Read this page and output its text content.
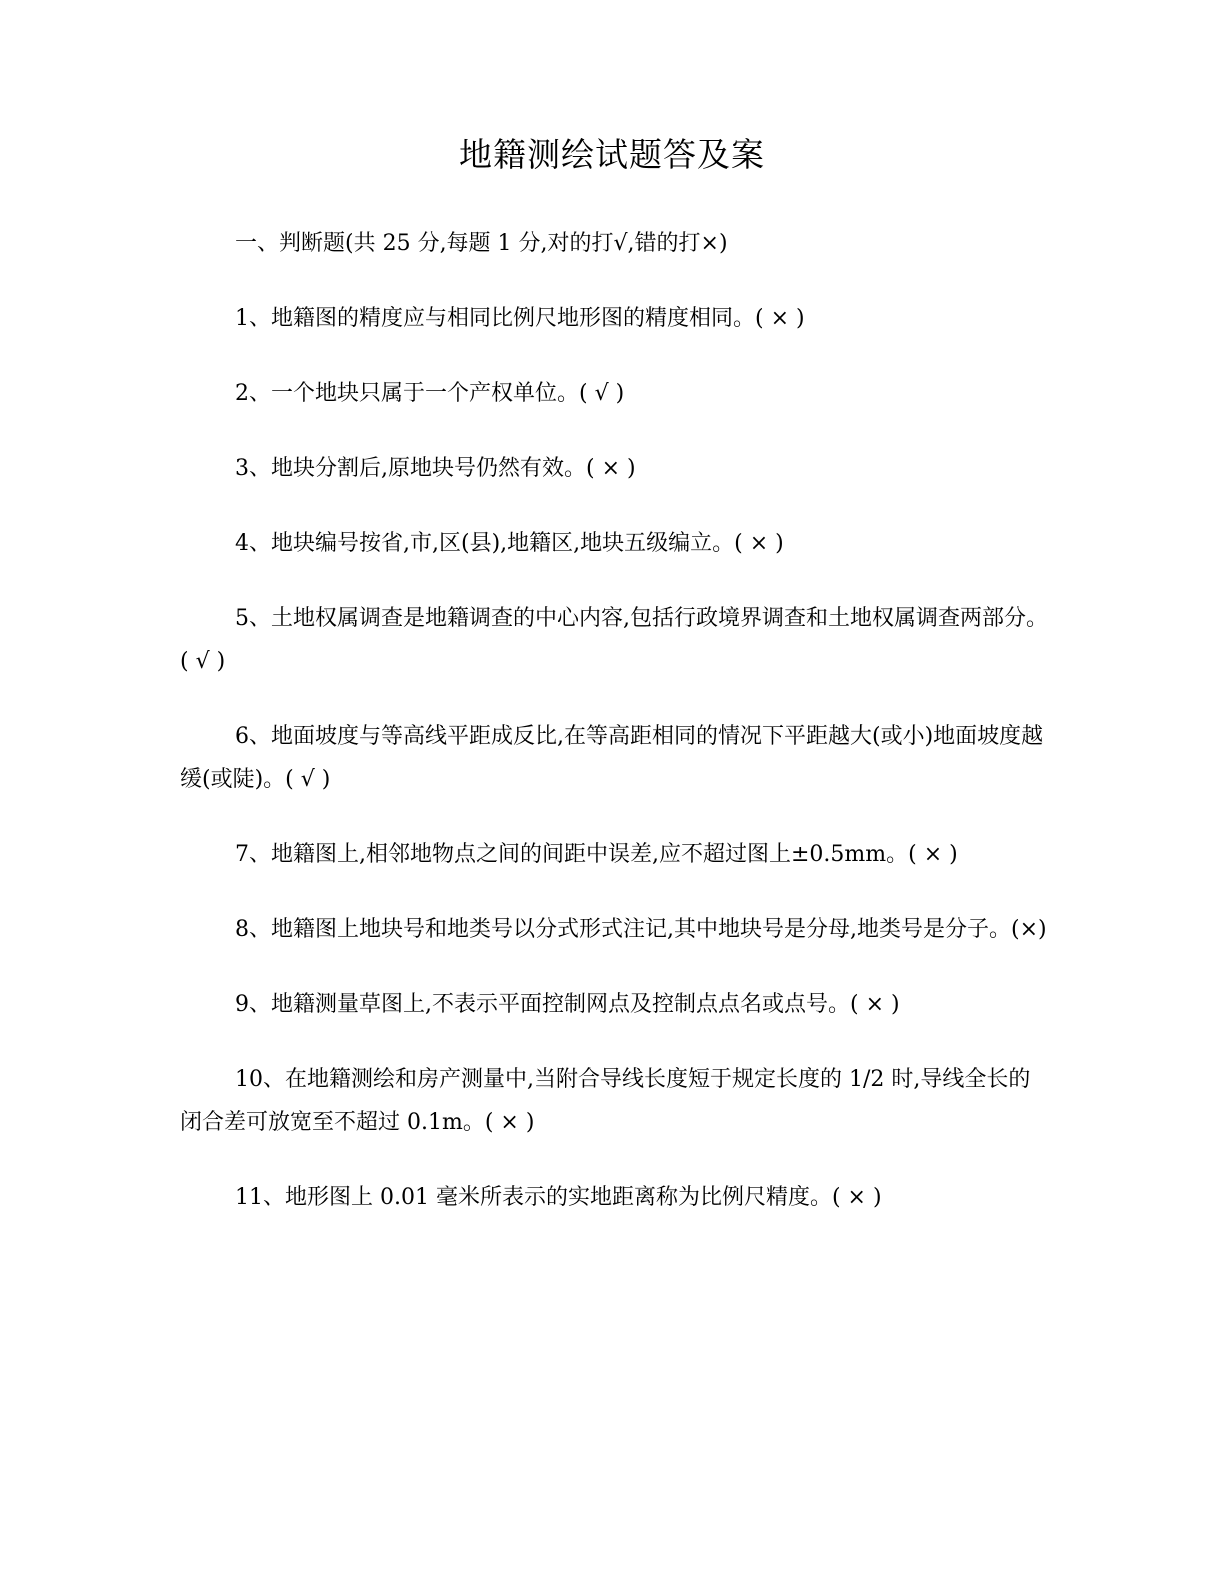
地籍测绘试题答及案

一、判断题(共 25 分,每题 1 分,对的打√,错的打×)

1、地籍图的精度应与相同比例尺地形图的精度相同。( × )

2、一个地块只属于一个产权单位。( √ )

3、地块分割后,原地块号仍然有效。( × )

4、地块编号按省,市,区(县),地籍区,地块五级编立。( × )

5、土地权属调查是地籍调查的中心内容,包括行政境界调查和土地权属调查两部分。( √ )

6、地面坡度与等高线平距成反比,在等高距相同的情况下平距越大(或小)地面坡度越缓(或陡)。( √ )

7、地籍图上,相邻地物点之间的间距中误差,应不超过图上±0.5mm。( × )

8、地籍图上地块号和地类号以分式形式注记,其中地块号是分母,地类号是分子。(×)

9、地籍测量草图上,不表示平面控制网点及控制点点名或点号。( × )

10、在地籍测绘和房产测量中,当附合导线长度短于规定长度的 1/2 时,导线全长的闭合差可放宽至不超过 0.1m。( × )

11、地形图上 0.01 毫米所表示的实地距离称为比例尺精度。( × )
